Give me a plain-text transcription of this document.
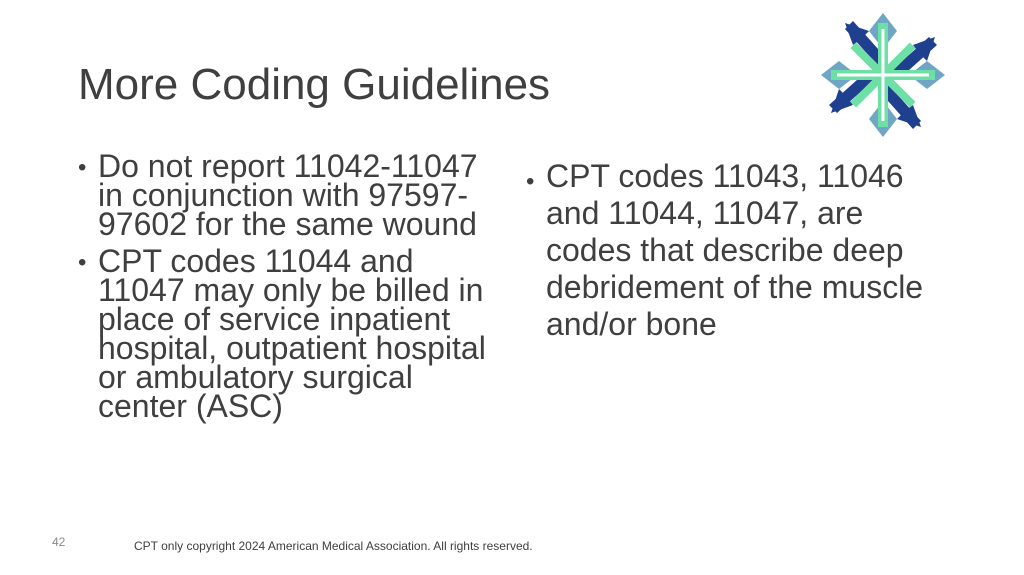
More Coding Guidelines
• Do not report 11042-11047 in conjunction with 97597-97602 for the same wound
• CPT codes 11044 and 11047 may only be billed in place of service inpatient hospital, outpatient hospital or ambulatory surgical center (ASC)
• CPT codes 11043, 11046 and 11044, 11047, are codes that describe deep debridement of the muscle and/or bone
42	CPT only copyright 2024 American Medical Association. All rights reserved.
